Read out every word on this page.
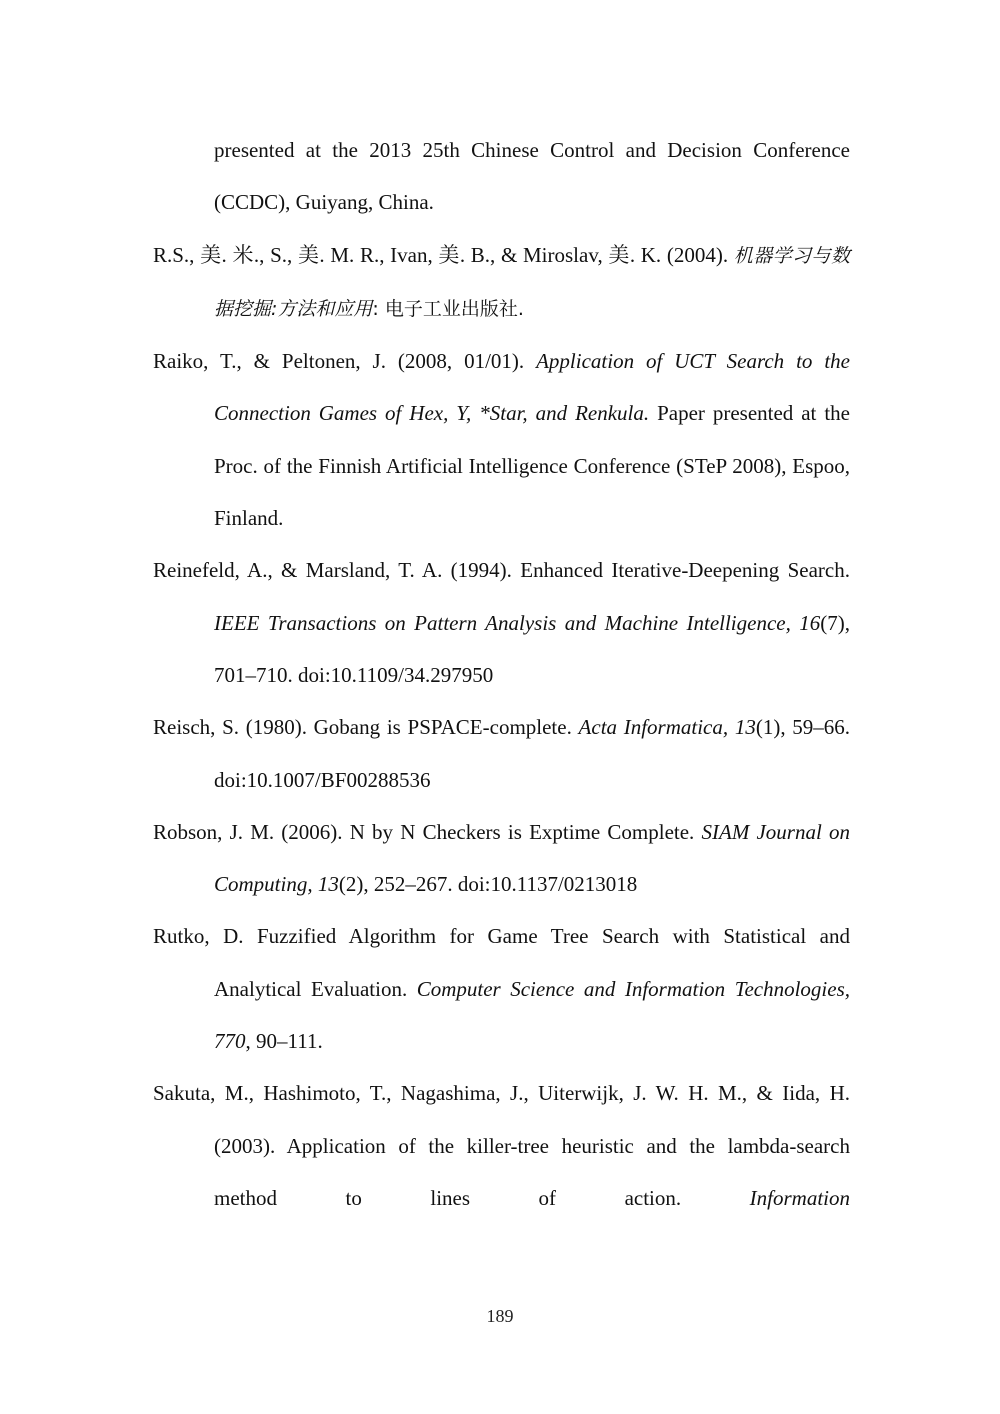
presented at the 2013 25th Chinese Control and Decision Conference (CCDC), Guiyang, China.
R.S., 美. 米., S., 美. M. R., Ivan, 美. B., & Miroslav, 美. K. (2004). 机器学习与数据挖掘:方法和应用: 电子工业出版社.
Raiko, T., & Peltonen, J. (2008, 01/01). Application of UCT Search to the Connection Games of Hex, Y, *Star, and Renkula. Paper presented at the Proc. of the Finnish Artificial Intelligence Conference (STeP 2008), Espoo, Finland.
Reinefeld, A., & Marsland, T. A. (1994). Enhanced Iterative-Deepening Search. IEEE Transactions on Pattern Analysis and Machine Intelligence, 16(7), 701–710. doi:10.1109/34.297950
Reisch, S. (1980). Gobang is PSPACE-complete. Acta Informatica, 13(1), 59–66. doi:10.1007/BF00288536
Robson, J. M. (2006). N by N Checkers is Exptime Complete. SIAM Journal on Computing, 13(2), 252–267. doi:10.1137/0213018
Rutko, D. Fuzzified Algorithm for Game Tree Search with Statistical and Analytical Evaluation. Computer Science and Information Technologies, 770, 90–111.
Sakuta, M., Hashimoto, T., Nagashima, J., Uiterwijk, J. W. H. M., & Iida, H. (2003). Application of the killer-tree heuristic and the lambda-search method to lines of action.	Information
189
